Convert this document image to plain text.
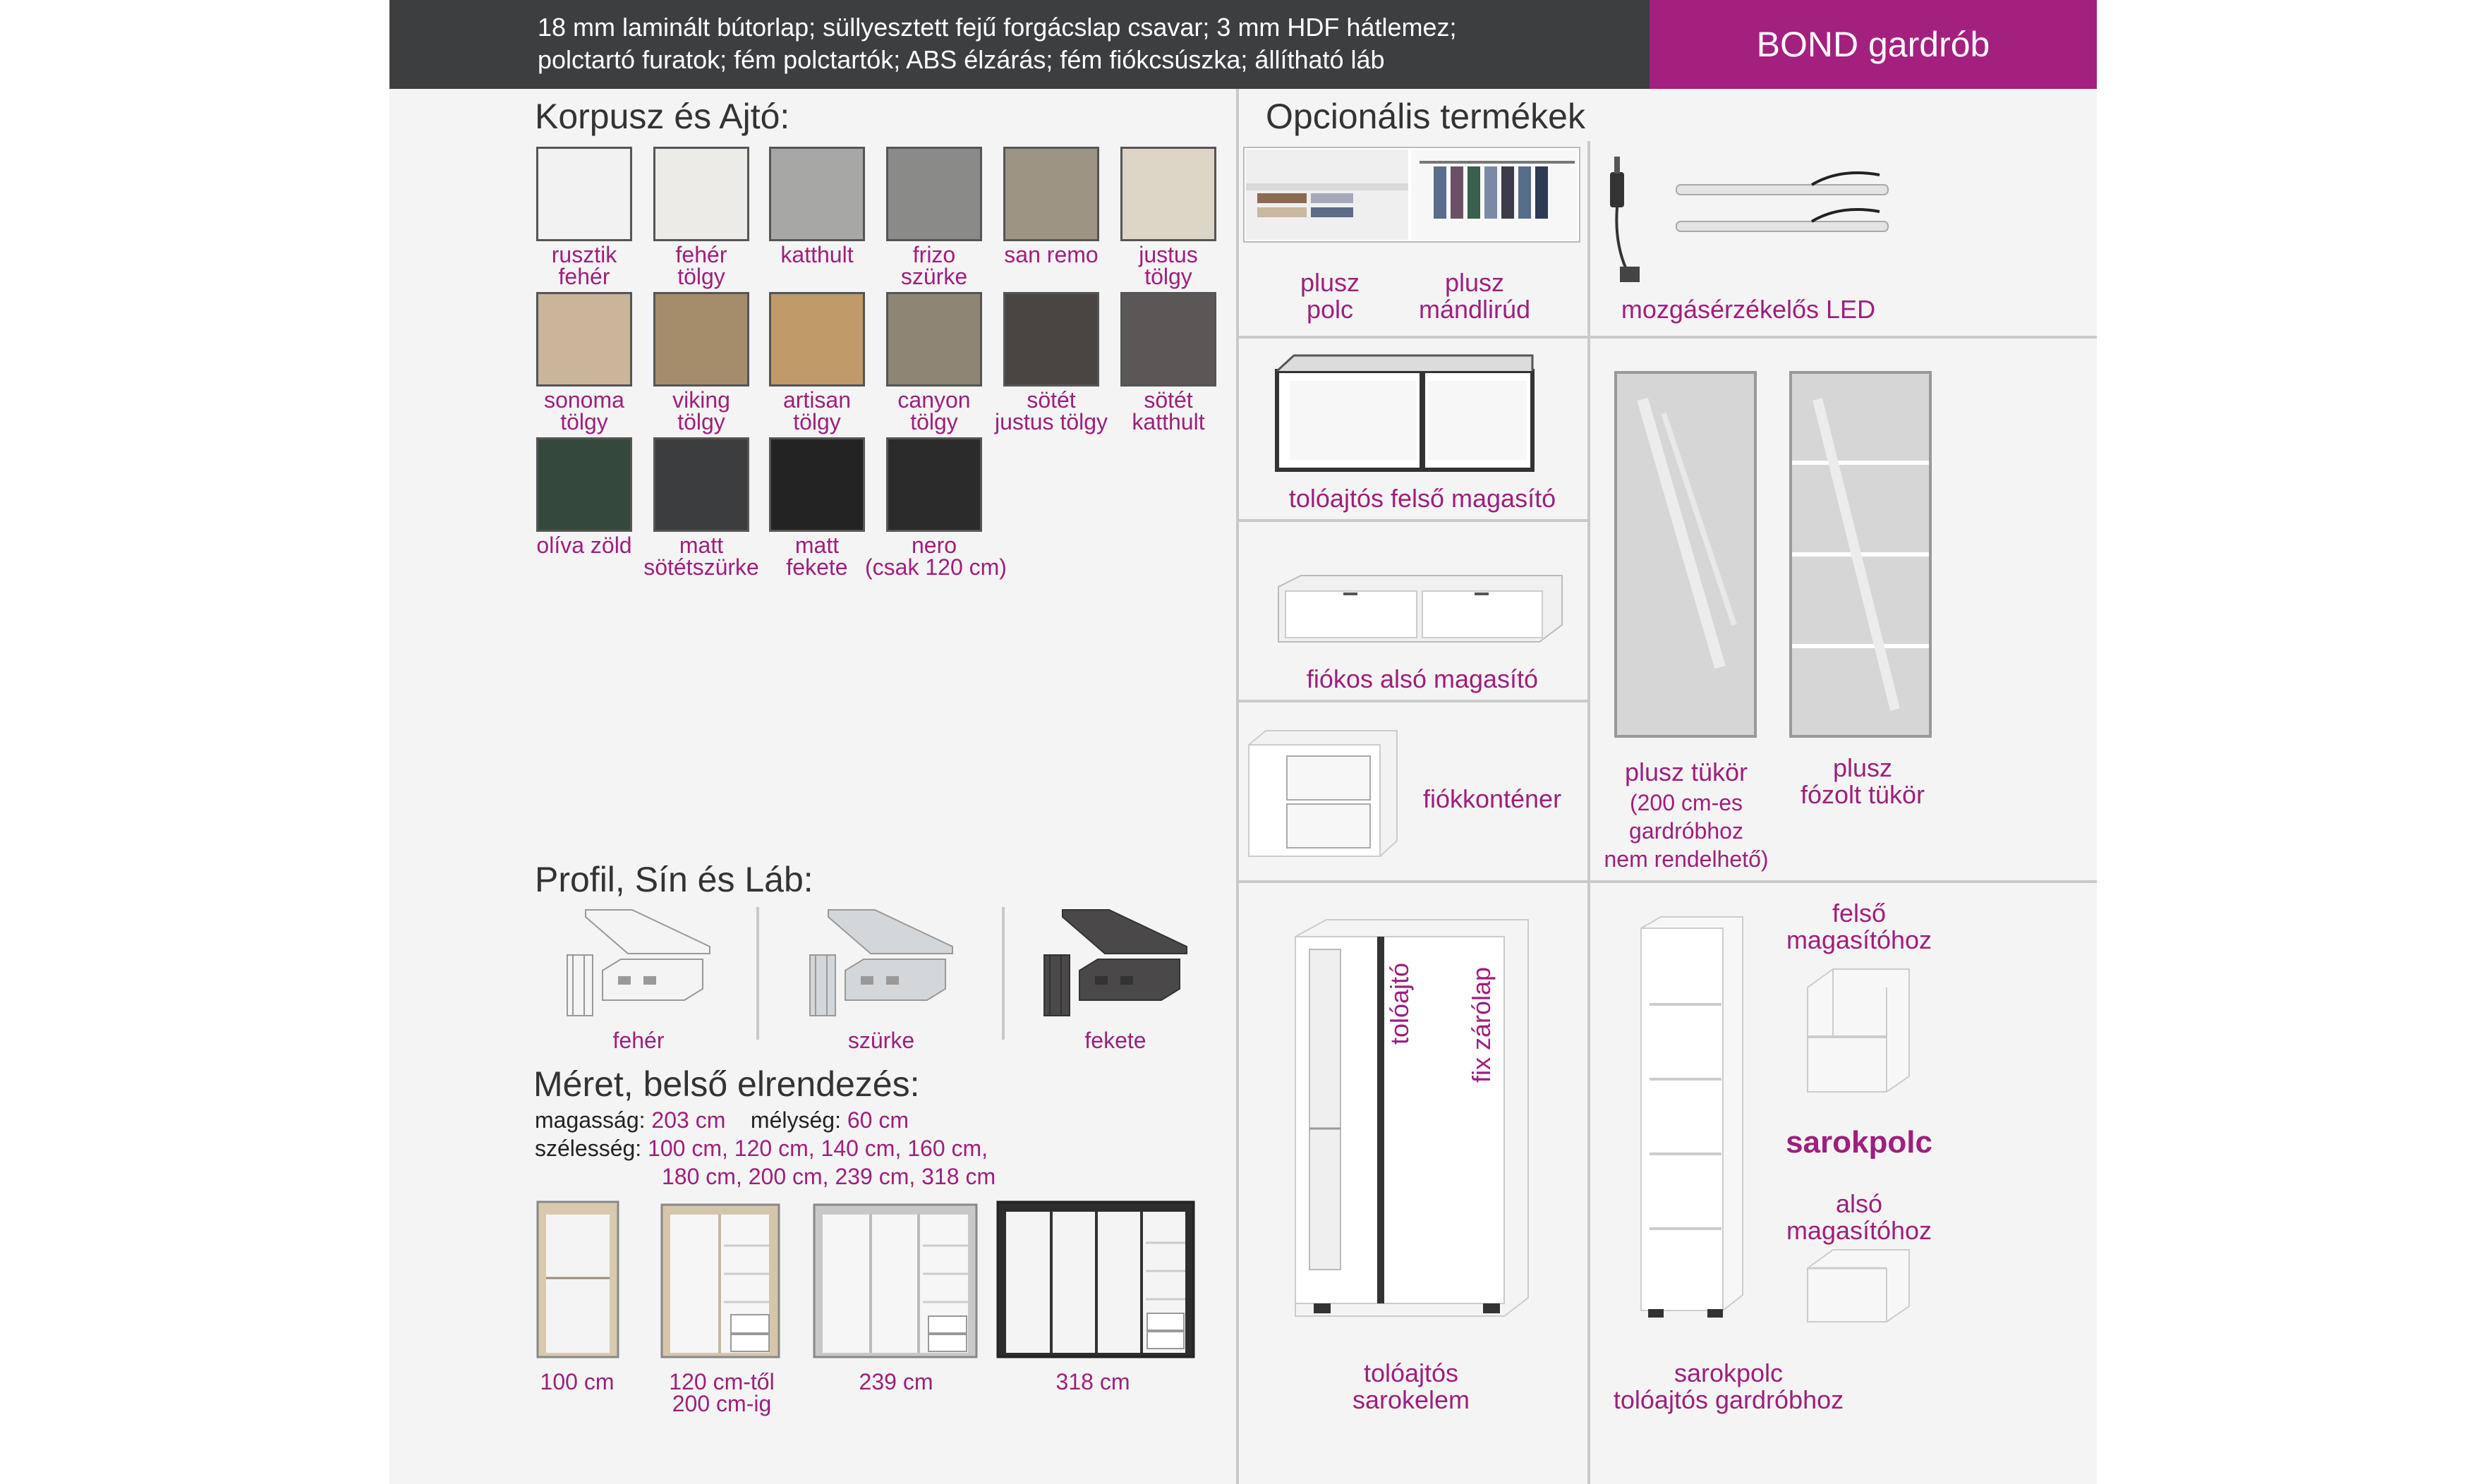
18 mm laminált bútorlap; süllyesztett fejű forgácslap csavar; 3 mm HDF hátlemez;
polctartó furatok; fém polctartók; ABS élzárás; fém fiókcsúszka; állítható láb	BOND gardrób
Korpusz és Ajtó:
rusztik
fehér
fehér
tölgy
katthult	frizo
szürke
san remo	justus
tölgy
sonoma
tölgy
viking
tölgy
artisan
tölgy
canyon
tölgy
sötét
justus tölgy
sötét
katthult
olíva zöld	matt
sötétszürke
matt
fekete
nero
(csak 120 cm)
Profil, Sín és Láb:
fehér	szürke	fekete
Méret, belső elrendezés:
magasság: 203 cm mélység: 60 cm
szélesség: 100 cm, 120 cm, 140 cm, 160 cm,
180 cm, 200 cm, 239 cm, 318 cm
100 cm	120 cm-től
200 cm-ig
239 cm	318 cm
Opcionális termékek
plusz
polc
plusz
mándlirúd	mozgásérzékelős LED
tolóajtós felső magasító
fiókos alsó magasító
fiókkonténer
plusz tükör
(200 cm-es
gardróbhoz
nem rendelhető)
plusz
fózolt tükör
tolóajtó fix zárólap
tolóajtós
sarokelem
felső
magasítóhoz
sarokpolc
alsó
magasítóhoz
sarokpolc
tolóajtós gardróbhoz
